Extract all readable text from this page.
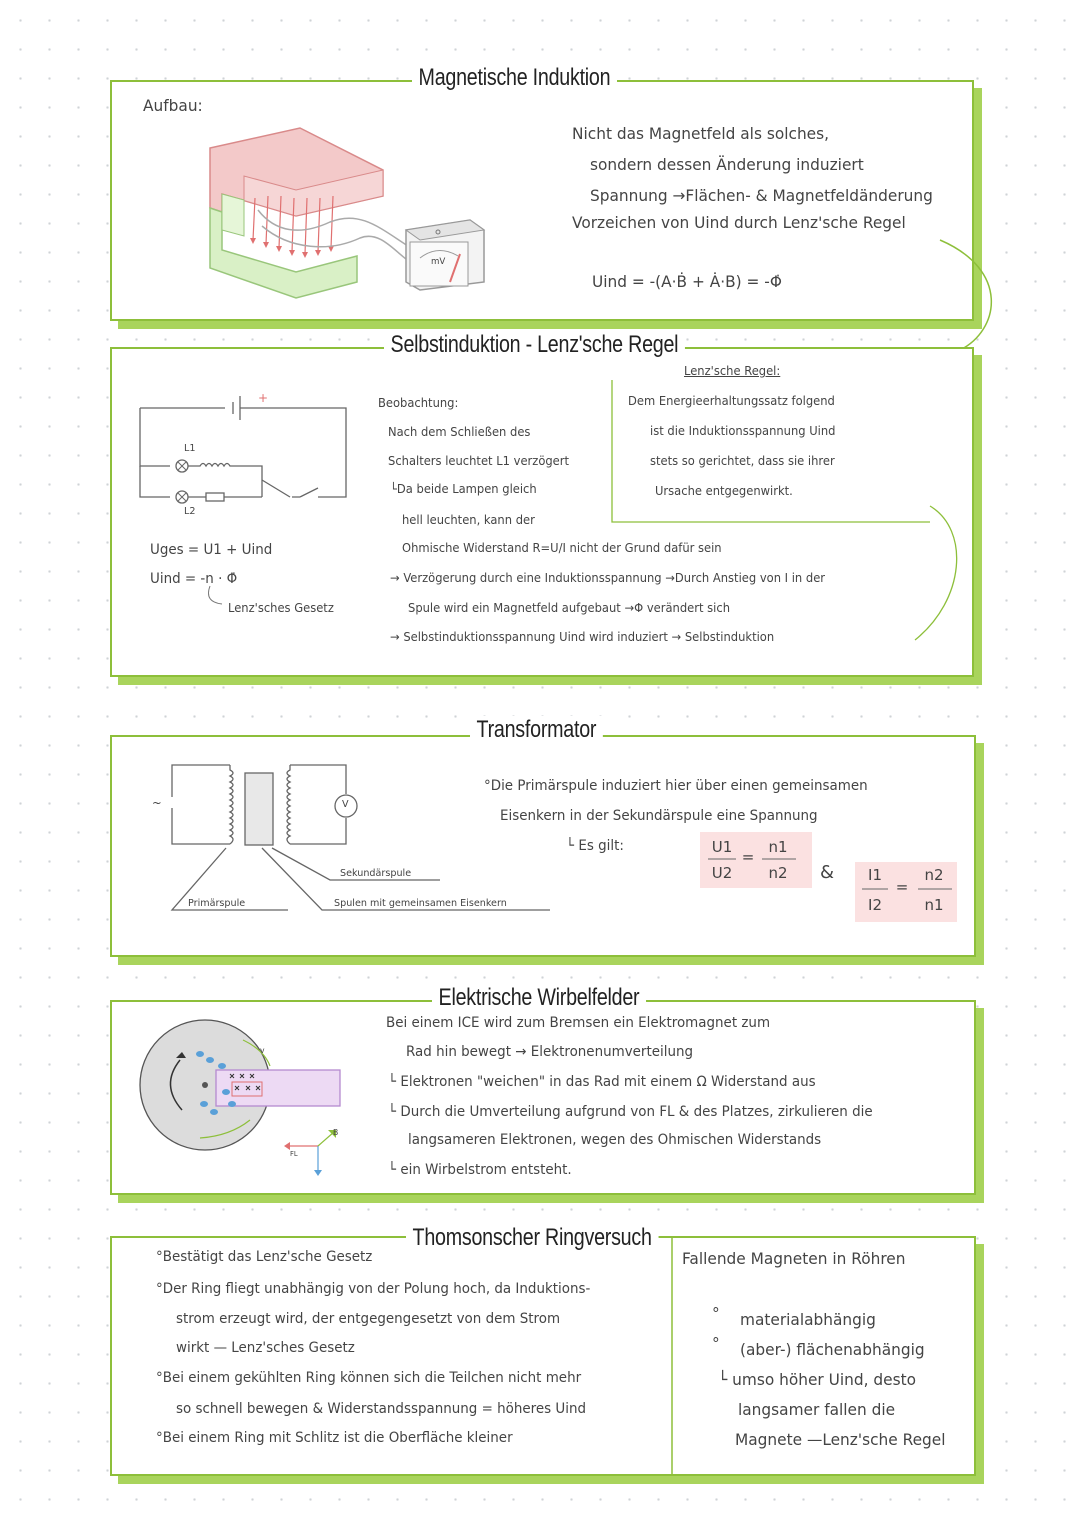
Magnetische Induktion
Aufbau:
mV
Nicht das Magnetfeld als solches,
sondern dessen Änderung induziert
Spannung →Flächen- & Magnetfeldänderung
Vorzeichen von Uind durch Lenz'sche Regel
Uind = -(A·Ḃ + Ȧ·B) = -Φ̇
Selbstinduktion - Lenz'sche Regel
+
L1
L2
Uges = U1 + Uind
Uind = -n · Φ̇
Lenz'sches Gesetz
Beobachtung:
Nach dem Schließen des
Schalters leuchtet L1 verzögert
└Da beide Lampen gleich
hell leuchten, kann der
Ohmische Widerstand R=U/I nicht der Grund dafür sein
→ Verzögerung durch eine Induktionsspannung →Durch Anstieg von I in der
Spule wird ein Magnetfeld aufgebaut →Φ verändert sich
→ Selbstinduktionsspannung Uind wird induziert → Selbstinduktion
Lenz'sche Regel:
Dem Energieerhaltungssatz folgend
ist die Induktionsspannung Uind
stets so gerichtet, dass sie ihrer
Ursache entgegenwirkt.
Transformator
~	V
Sekundärspule
Primärspule	Spulen mit gemeinsamen Eisenkern
°Die Primärspule induziert hier über einen gemeinsamen
Eisenkern in der Sekundärspule eine Spannung
└ Es gilt:	U1
U2
=
n1
n2	&	I1
I2
=
n2
n1
Elektrische Wirbelfelder
FL
B
v
Bei einem ICE wird zum Bremsen ein Elektromagnet zum
Rad hin bewegt → Elektronenumverteilung
└ Elektronen "weichen" in das Rad mit einem Ω Widerstand aus
└ Durch die Umverteilung aufgrund von FL & des Platzes, zirkulieren die
langsameren Elektronen, wegen des Ohmischen Widerstands
└ ein Wirbelstrom entsteht.
Thomsonscher Ringversuch
°Bestätigt das Lenz'sche Gesetz
°Der Ring fliegt unabhängig von der Polung hoch, da Induktions-
strom erzeugt wird, der entgegengesetzt von dem Strom
wirkt — Lenz'sches Gesetz
°Bei einem gekühlten Ring können sich die Teilchen nicht mehr
so schnell bewegen & Widerstandsspannung = höheres Uind
°Bei einem Ring mit Schlitz ist die Oberfläche kleiner
Fallende Magneten in Röhren
° materialabhängig
° (aber-) flächenabhängig
└ umso höher Uind, desto
langsamer fallen die
Magnete —Lenz'sche Regel
